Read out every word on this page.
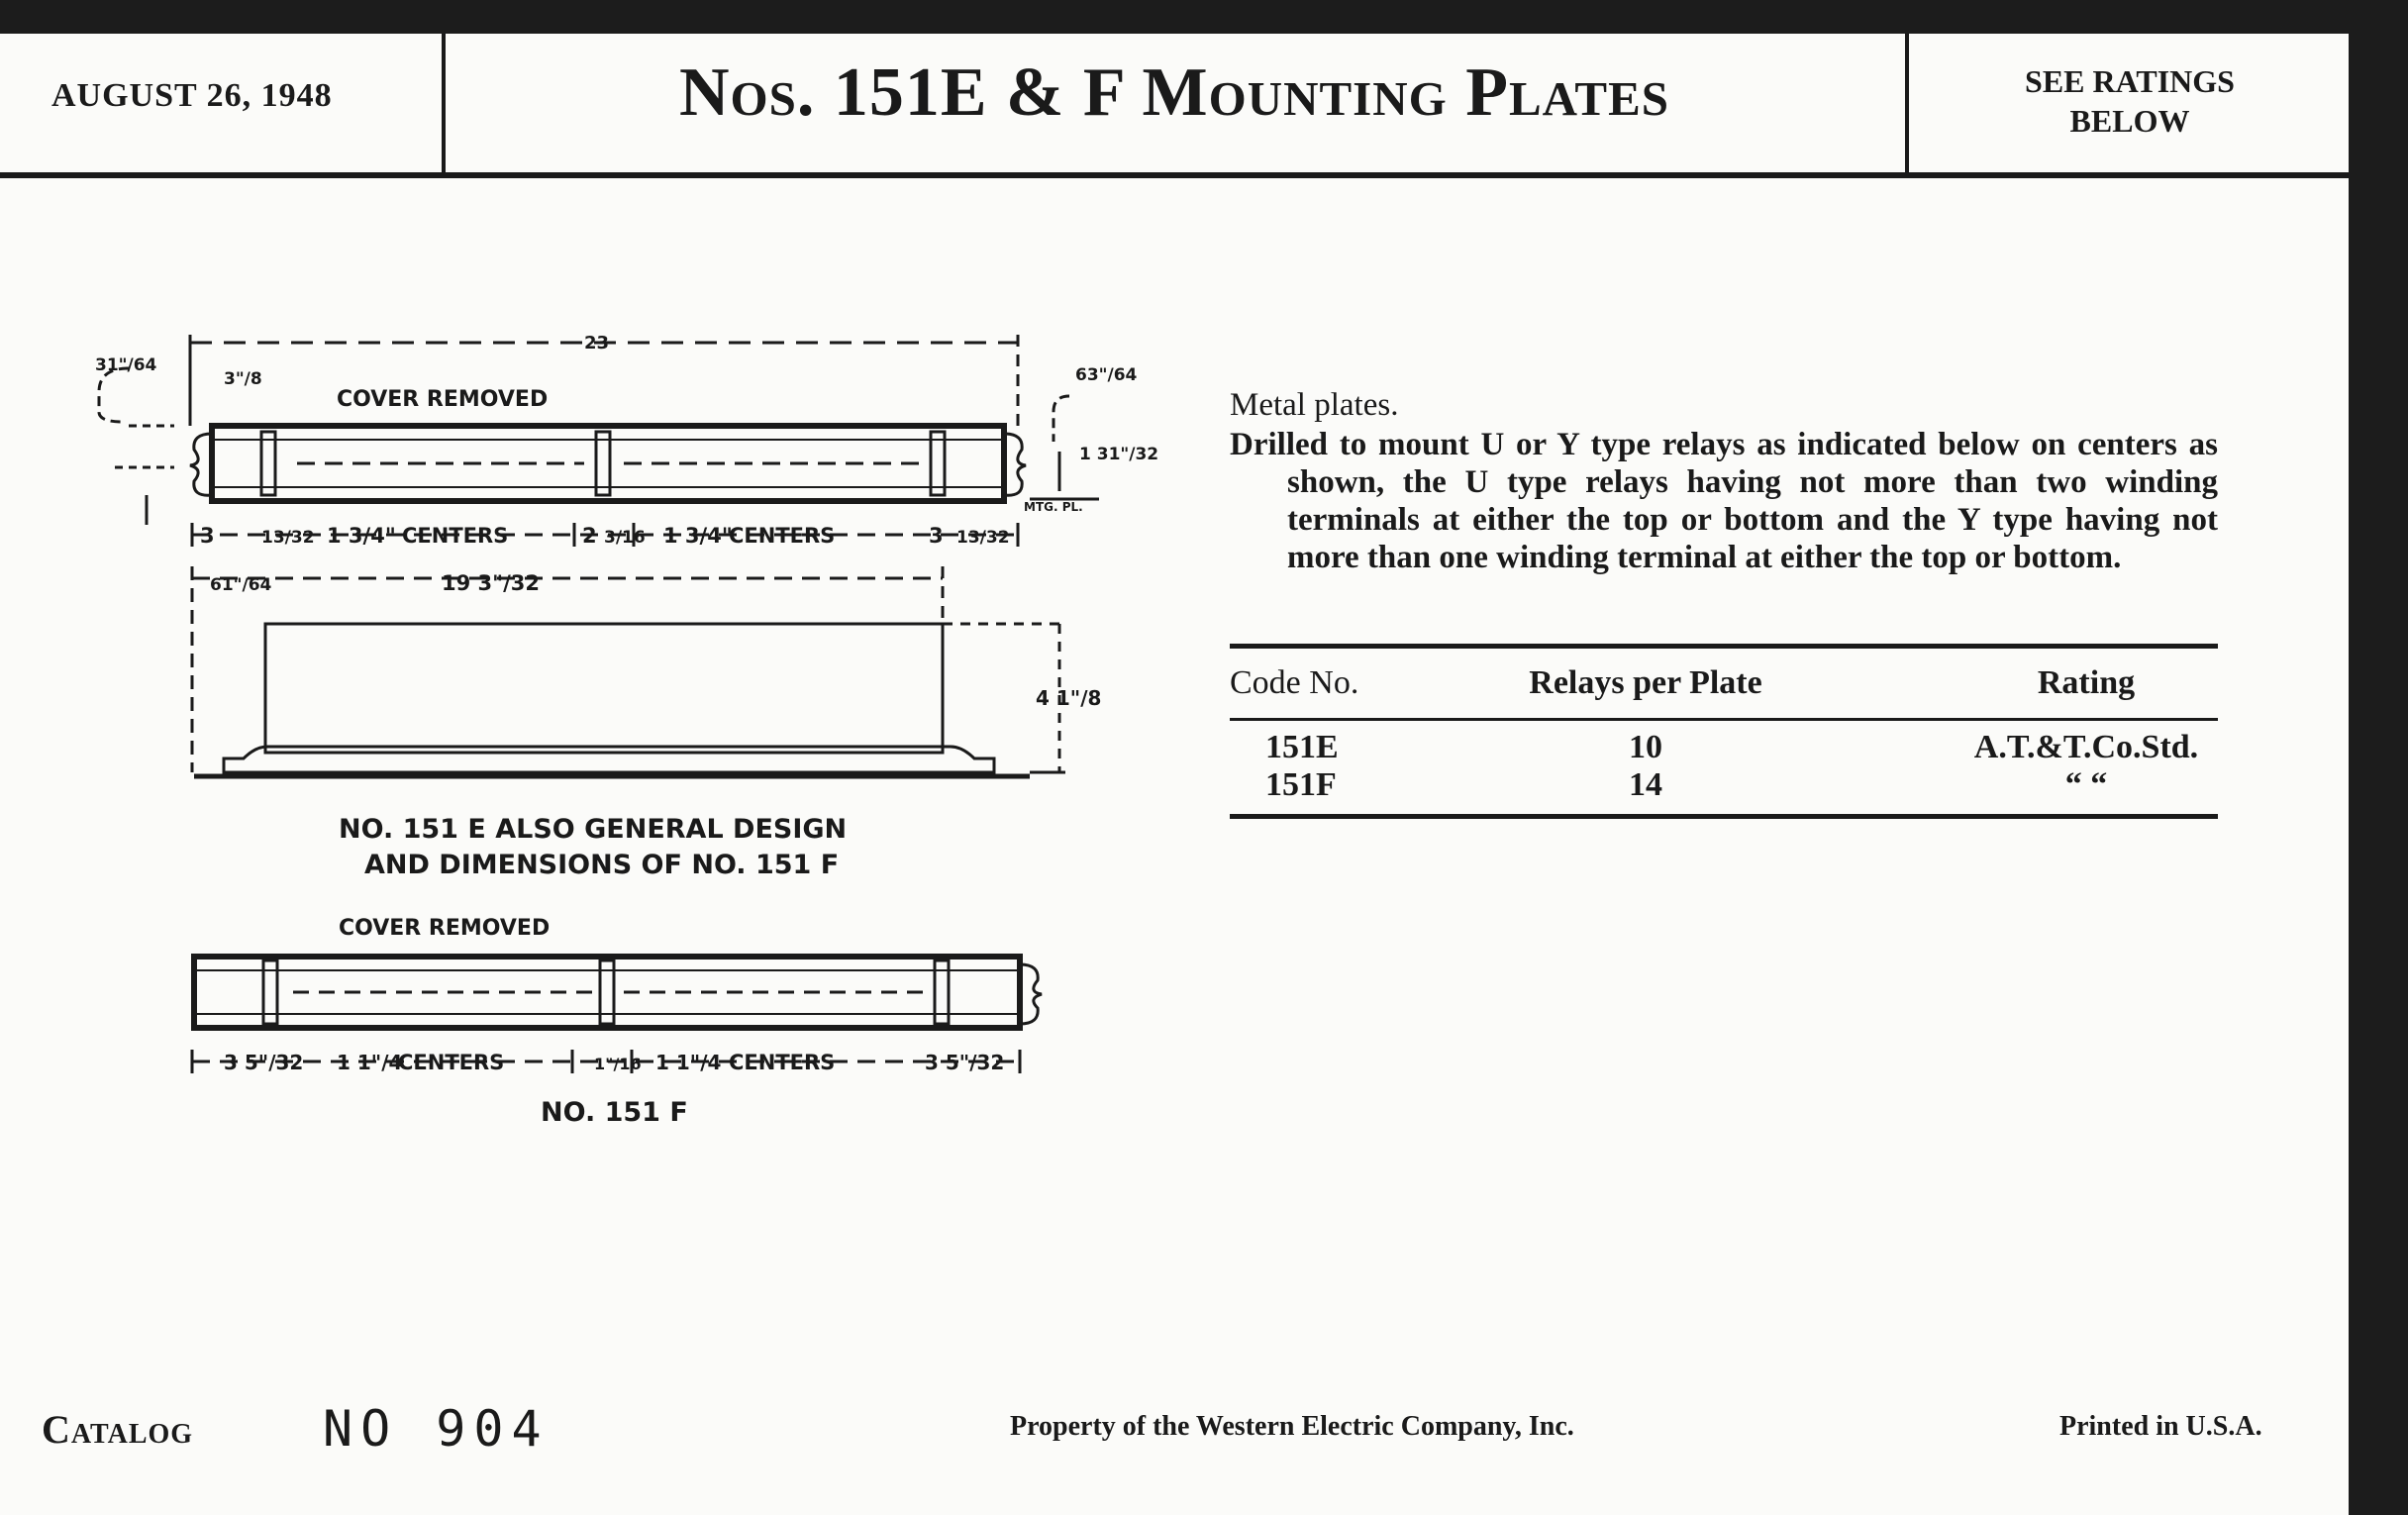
AUGUST 26, 1948	Nos. 151E & F Mounting Plates	SEE RATINGS
BELOW
COVER REMOVED
23
31"/64
3"/8	63"/64
1 31"/32
3	13/32 1 3/4" CENTERS	2 3/16 1 3/4"
CENTERS	3 13/32
MTG. PL.
61"/64	19 3"/32
4 1"/8
NO. 151 E ALSO GENERAL DESIGN
AND DIMENSIONS OF NO. 151 F
COVER REMOVED
3 5"/32 1 1"/4
CENTERS	1"/16 1 1"/4 CENTERS	3 5"/32
NO. 151 F

Metal plates.

Drilled to mount U or Y type relays as indicated below on centers as shown, the U type relays having not more than two winding terminals at either the top or bottom and the Y type having not more than one winding terminal at either the top or bottom.

Code No.	Relays per Plate	Rating
151E	10	A.T.&T.Co.Std.
151F	14	“ “
Catalog	NO 904	Property of the Western Electric Company, Inc.	Printed in U.S.A.
